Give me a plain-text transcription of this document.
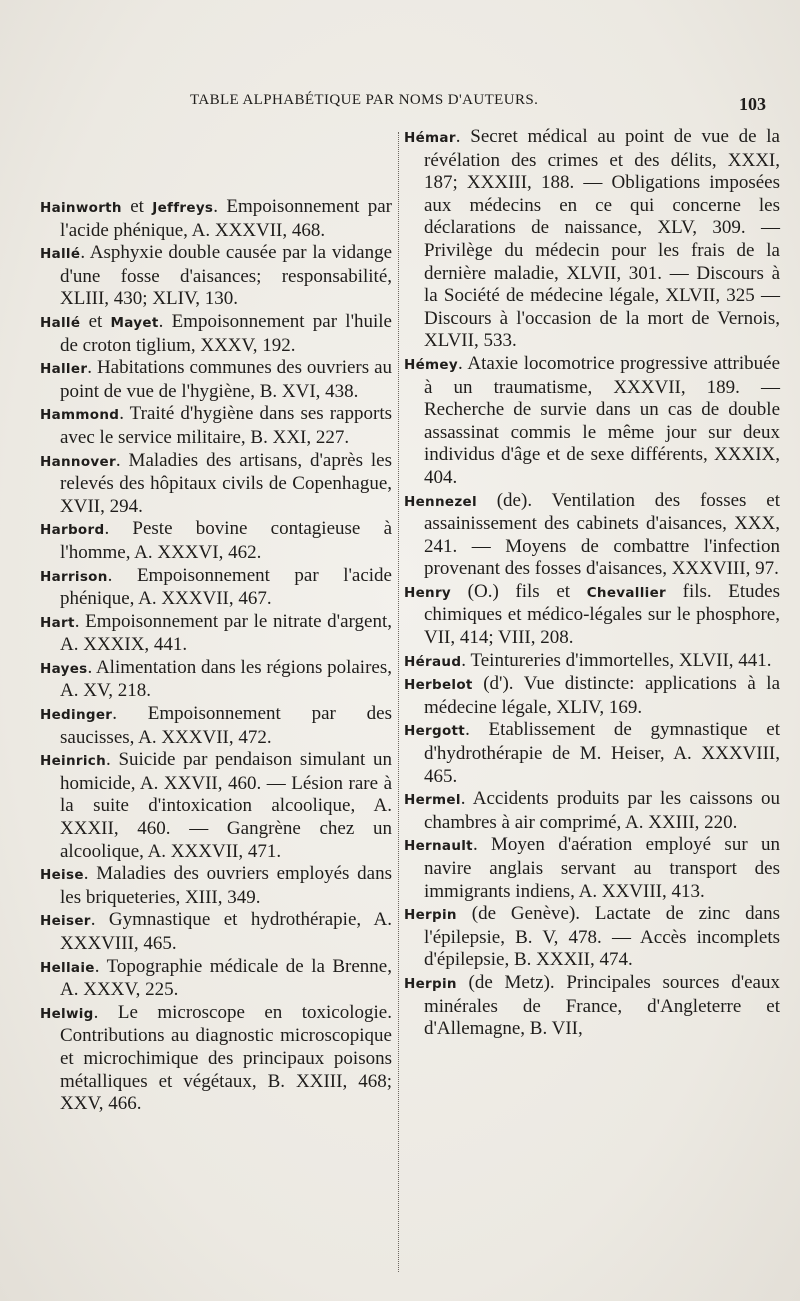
TABLE ALPHABÉTIQUE PAR NOMS D'AUTEURS.	103

Hainworth et Jeffreys. Empoisonnement par l'acide phénique, A. XXXVII, 468.

Hallé. Asphyxie double causée par la vidange d'une fosse d'aisances; responsabilité, XLIII, 430; XLIV, 130.

Hallé et Mayet. Empoisonnement par l'huile de croton tiglium, XXXV, 192.

Haller. Habitations communes des ouvriers au point de vue de l'hygiène, B. XVI, 438.

Hammond. Traité d'hygiène dans ses rapports avec le service militaire, B. XXI, 227.

Hannover. Maladies des artisans, d'après les relevés des hôpitaux civils de Copenhague, XVII, 294.

Harbord. Peste bovine contagieuse à l'homme, A. XXXVI, 462.

Harrison. Empoisonnement par l'acide phénique, A. XXXVII, 467.

Hart. Empoisonnement par le nitrate d'argent, A. XXXIX, 441.

Hayes. Alimentation dans les régions polaires, A. XV, 218.

Hedinger. Empoisonnement par des saucisses, A. XXXVII, 472.

Heinrich. Suicide par pendaison simulant un homicide, A. XXVII, 460. — Lésion rare à la suite d'intoxication alcoolique, A. XXXII, 460. — Gangrène chez un alcoolique, A. XXXVII, 471.

Heise. Maladies des ouvriers employés dans les briqueteries, XIII, 349.

Heiser. Gymnastique et hydrothérapie, A. XXXVIII, 465.

Hellaie. Topographie médicale de la Brenne, A. XXXV, 225.

Helwig. Le microscope en toxicologie. Contributions au diagnostic microscopique et microchimique des principaux poisons métalliques et végétaux, B. XXIII, 468; XXV, 466.

Hémar. Secret médical au point de vue de la révélation des crimes et des délits, XXXI, 187; XXXIII, 188. — Obligations imposées aux médecins en ce qui concerne les déclarations de naissance, XLV, 309. — Privilège du médecin pour les frais de la dernière maladie, XLVII, 301. — Discours à la Société de médecine légale, XLVII, 325 — Discours à l'occasion de la mort de Vernois, XLVII, 533.

Hémey. Ataxie locomotrice progressive attribuée à un traumatisme, XXXVII, 189. — Recherche de survie dans un cas de double assassinat commis le même jour sur deux individus d'âge et de sexe différents, XXXIX, 404.

Hennezel (de). Ventilation des fosses et assainissement des cabinets d'aisances, XXX, 241. — Moyens de combattre l'infection provenant des fosses d'aisances, XXXVIII, 97.

Henry (O.) fils et Chevallier fils. Etudes chimiques et médico-légales sur le phosphore, VII, 414; VIII, 208.

Héraud. Teintureries d'immortelles, XLVII, 441.

Herbelot (d'). Vue distincte: applications à la médecine légale, XLIV, 169.

Hergott. Etablissement de gymnastique et d'hydrothérapie de M. Heiser, A. XXXVIII, 465.

Hermel. Accidents produits par les caissons ou chambres à air comprimé, A. XXIII, 220.

Hernault. Moyen d'aération employé sur un navire anglais servant au transport des immigrants indiens, A. XXVIII, 413.

Herpin (de Genève). Lactate de zinc dans l'épilepsie, B. V, 478. — Accès incomplets d'épilepsie, B. XXXII, 474.

Herpin (de Metz). Principales sources d'eaux minérales de France, d'Angleterre et d'Allemagne, B. VII,
